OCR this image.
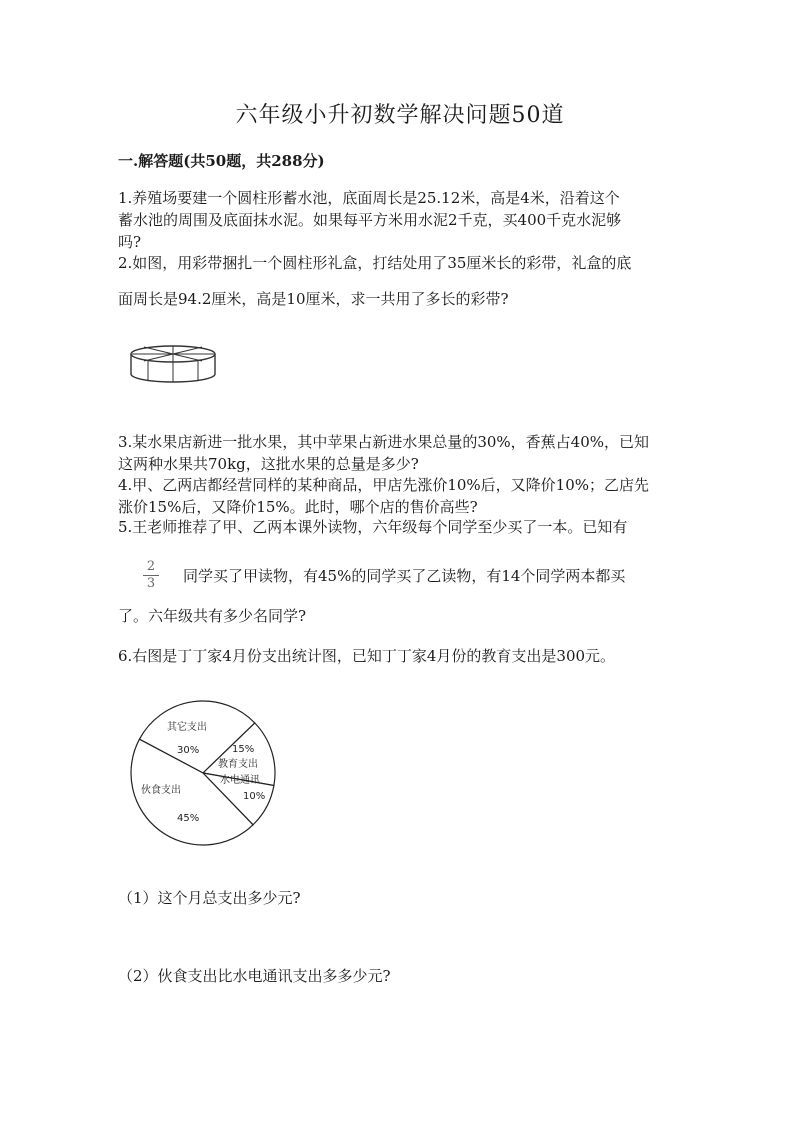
六年级小升初数学解决问题50道
一.解答题(共50题，共288分)
1.养殖场要建一个圆柱形蓄水池，底面周长是25.12米，高是4米，沿着这个
蓄水池的周围及底面抹水泥。如果每平方米用水泥2千克，买400千克水泥够
吗?
2.如图，用彩带捆扎一个圆柱形礼盒，打结处用了35厘米长的彩带，礼盒的底
面周长是94.2厘米，高是10厘米，求一共用了多长的彩带?
3.某水果店新进一批水果，其中苹果占新进水果总量的30%，香蕉占40%，已知
这两种水果共70kg，这批水果的总量是多少?
4.甲、乙两店都经营同样的某种商品，甲店先涨价10%后，又降价10%；乙店先
涨价15%后，又降价15%。此时，哪个店的售价高些?
5.王老师推荐了甲、乙两本课外读物，六年级每个同学至少买了一本。已知有
2
3	同学买了甲读物，有45%的同学买了乙读物，有14个同学两本都买
了。六年级共有多少名同学?
6.右图是丁丁家4月份支出统计图，已知丁丁家4月份的教育支出是300元。
其它支出
30%	15%
教育支出
水电通讯
10%
伙食支出
45%
（1）这个月总支出多少元?
（2）伙食支出比水电通讯支出多多少元?
